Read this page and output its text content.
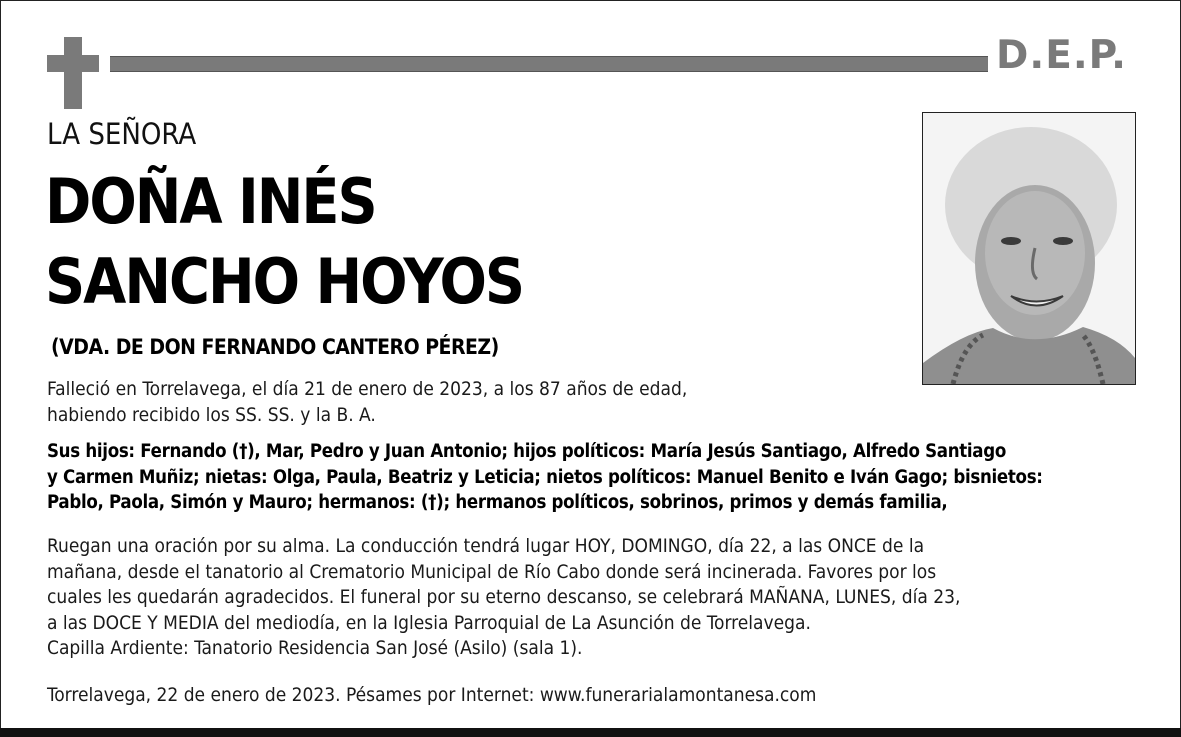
D.E.P.
LA SEÑORA
DOÑA INÉS
SANCHO HOYOS
(VDA. DE DON FERNANDO CANTERO PÉREZ)
Falleció en Torrelavega, el día 21 de enero de 2023, a los 87 años de edad,
habiendo recibido los SS. SS. y la B. A.
Sus hijos: Fernando (†), Mar, Pedro y Juan Antonio; hijos políticos: María Jesús Santiago, Alfredo Santiago
y Carmen Muñiz; nietas: Olga, Paula, Beatriz y Leticia; nietos políticos: Manuel Benito e Iván Gago; bisnietos:
Pablo, Paola, Simón y Mauro; hermanos: (†); hermanos políticos, sobrinos, primos y demás familia,
Ruegan una oración por su alma. La conducción tendrá lugar HOY, DOMINGO, día 22, a las ONCE de la
mañana, desde el tanatorio al Crematorio Municipal de Río Cabo donde será incinerada. Favores por los
cuales les quedarán agradecidos. El funeral por su eterno descanso, se celebrará MAÑANA, LUNES, día 23,
a las DOCE Y MEDIA del mediodía, en la Iglesia Parroquial de La Asunción de Torrelavega.
Capilla Ardiente: Tanatorio Residencia San José (Asilo) (sala 1).
Torrelavega, 22 de enero de 2023. Pésames por Internet: www.funerarialamontanesa.com
